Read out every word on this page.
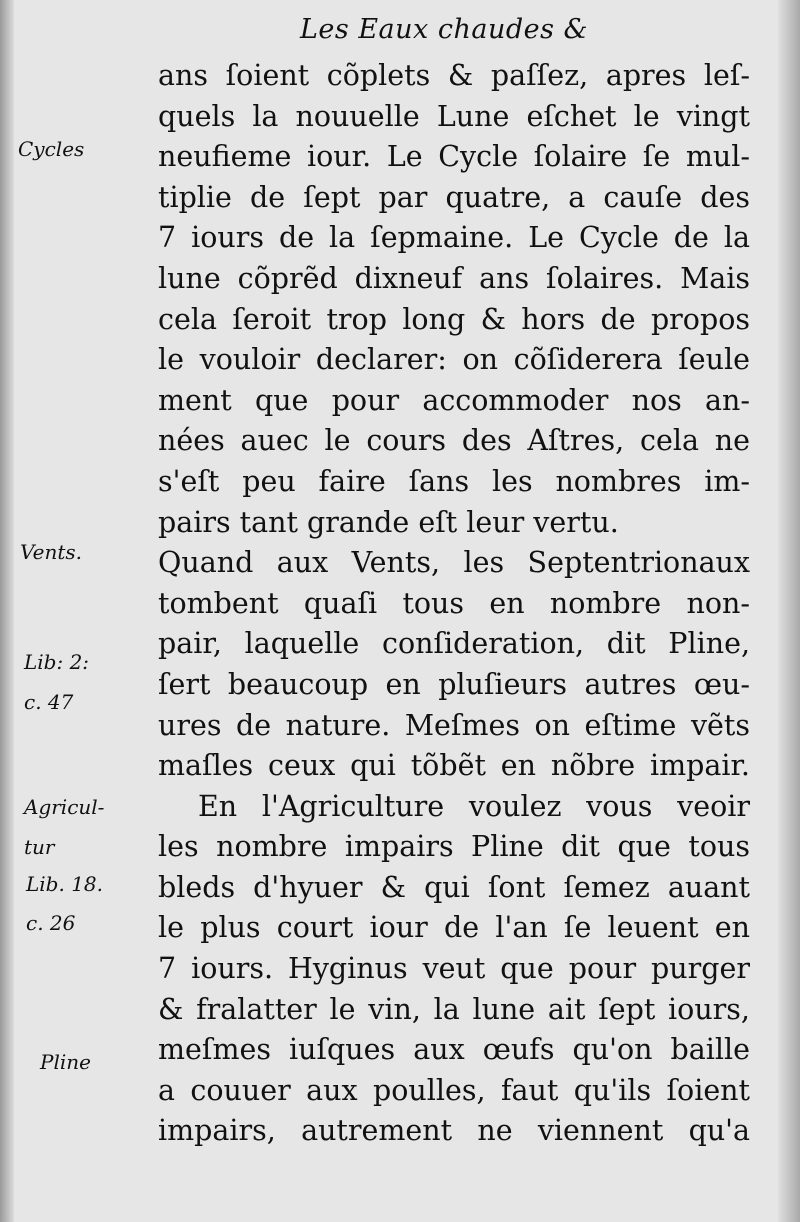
Les Eaux chaudes &
Cycles
Vents.
Lib: 2:
c. 47
Agricul-
tur
Lib. 18.
c. 26
Pline
ans ſoient cõplets & paſſez, apres leſ-
quels la nouuelle Lune eſchet le vingt
neufieme iour. Le Cycle ſolaire ſe mul-
tiplie de ſept par quatre, a cauſe des
7 iours de la ſepmaine. Le Cycle de la
lune cõprẽd dixneuf ans ſolaires. Mais
cela ſeroit trop long & hors de propos
le vouloir declarer: on cõſiderera ſeule
ment que pour accommoder nos an-
nées auec le cours des Aſtres, cela ne
s'eſt peu faire ſans les nombres im-
pairs tant grande eſt leur vertu.
Quand aux Vents, les Septentrionaux
tombent quaſi tous en nombre non-
pair, laquelle conſideration, dit Pline,
ſert beaucoup en pluſieurs autres œu-
ures de nature. Meſmes on eſtime vẽts
maſles ceux qui tõbẽt en nõbre impair.
En l'Agriculture voulez vous veoir
les nombre impairs Pline dit que tous
bleds d'hyuer & qui ſont ſemez auant
le plus court iour de l'an ſe leuent en
7 iours. Hyginus veut que pour purger
& fralatter le vin, la lune ait ſept iours,
meſmes iuſques aux œufs qu'on baille
a couuer aux poulles, faut qu'ils ſoient
impairs, autrement ne viennent qu'a
